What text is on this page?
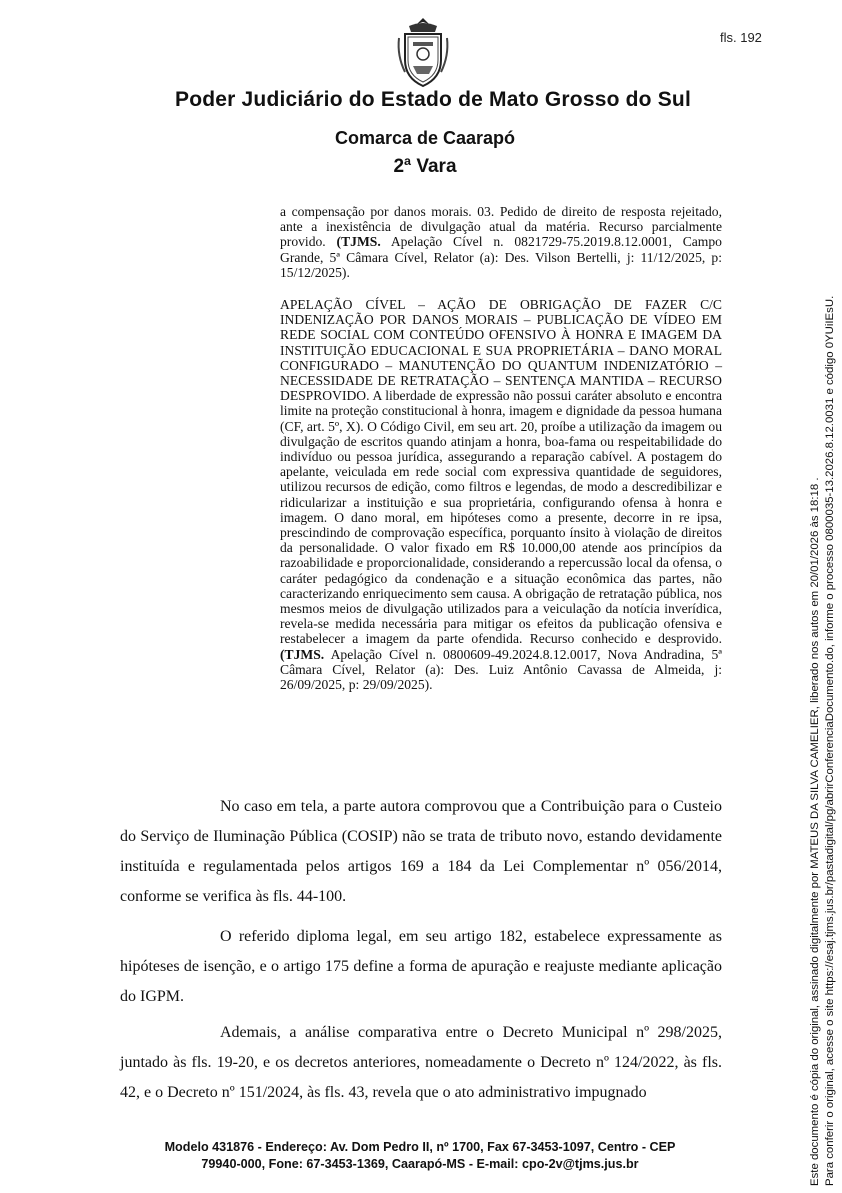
fls. 192
Poder Judiciário do Estado de Mato Grosso do Sul
Comarca de Caarapó
2ª Vara
a compensação por danos morais. 03. Pedido de direito de resposta rejeitado, ante a inexistência de divulgação atual da matéria. Recurso parcialmente provido. (TJMS. Apelação Cível n. 0821729-75.2019.8.12.0001, Campo Grande, 5ª Câmara Cível, Relator (a): Des. Vilson Bertelli, j: 11/12/2025, p: 15/12/2025).
APELAÇÃO CÍVEL – AÇÃO DE OBRIGAÇÃO DE FAZER C/C INDENIZAÇÃO POR DANOS MORAIS – PUBLICAÇÃO DE VÍDEO EM REDE SOCIAL COM CONTEÚDO OFENSIVO À HONRA E IMAGEM DA INSTITUIÇÃO EDUCACIONAL E SUA PROPRIETÁRIA – DANO MORAL CONFIGURADO – MANUTENÇÃO DO QUANTUM INDENIZATÓRIO – NECESSIDADE DE RETRATAÇÃO – SENTENÇA MANTIDA – RECURSO DESPROVIDO. A liberdade de expressão não possui caráter absoluto e encontra limite na proteção constitucional à honra, imagem e dignidade da pessoa humana (CF, art. 5º, X). O Código Civil, em seu art. 20, proíbe a utilização da imagem ou divulgação de escritos quando atinjam a honra, boa-fama ou respeitabilidade do indivíduo ou pessoa jurídica, assegurando a reparação cabível. A postagem do apelante, veiculada em rede social com expressiva quantidade de seguidores, utilizou recursos de edição, como filtros e legendas, de modo a descredibilizar e ridicularizar a instituição e sua proprietária, configurando ofensa à honra e imagem. O dano moral, em hipóteses como a presente, decorre in re ipsa, prescindindo de comprovação específica, porquanto ínsito à violação de direitos da personalidade. O valor fixado em R$ 10.000,00 atende aos princípios da razoabilidade e proporcionalidade, considerando a repercussão local da ofensa, o caráter pedagógico da condenação e a situação econômica das partes, não caracterizando enriquecimento sem causa. A obrigação de retratação pública, nos mesmos meios de divulgação utilizados para a veiculação da notícia inverídica, revela-se medida necessária para mitigar os efeitos da publicação ofensiva e restabelecer a imagem da parte ofendida. Recurso conhecido e desprovido. (TJMS. Apelação Cível n. 0800609-49.2024.8.12.0017, Nova Andradina, 5ª Câmara Cível, Relator (a): Des. Luiz Antônio Cavassa de Almeida, j: 26/09/2025, p: 29/09/2025).
No caso em tela, a parte autora comprovou que a Contribuição para o Custeio do Serviço de Iluminação Pública (COSIP) não se trata de tributo novo, estando devidamente instituída e regulamentada pelos artigos 169 a 184 da Lei Complementar nº 056/2014, conforme se verifica às fls. 44-100.
O referido diploma legal, em seu artigo 182, estabelece expressamente as hipóteses de isenção, e o artigo 175 define a forma de apuração e reajuste mediante aplicação do IGPM.
Ademais, a análise comparativa entre o Decreto Municipal nº 298/2025, juntado às fls. 19-20, e os decretos anteriores, nomeadamente o Decreto nº 124/2022, às fls. 42, e o Decreto nº 151/2024, às fls. 43, revela que o ato administrativo impugnado
Modelo 431876 - Endereço: Av. Dom Pedro II, nº 1700, Fax 67-3453-1097, Centro - CEP
79940-000, Fone: 67-3453-1369, Caarapó-MS - E-mail: cpo-2v@tjms.jus.br	Este documento é cópia do original, assinado digitalmente por MATEUS DA SILVA CAMELIER, liberado nos autos em 20/01/2026 às 18:18 . Para conferir o original, acesse o site https://esaj.tjms.jus.br/pastadigital/pg/abrirConferenciaDocumento.do, informe o processo 0800035-13.2026.8.12.0031 e código 0YUiIEsU.
